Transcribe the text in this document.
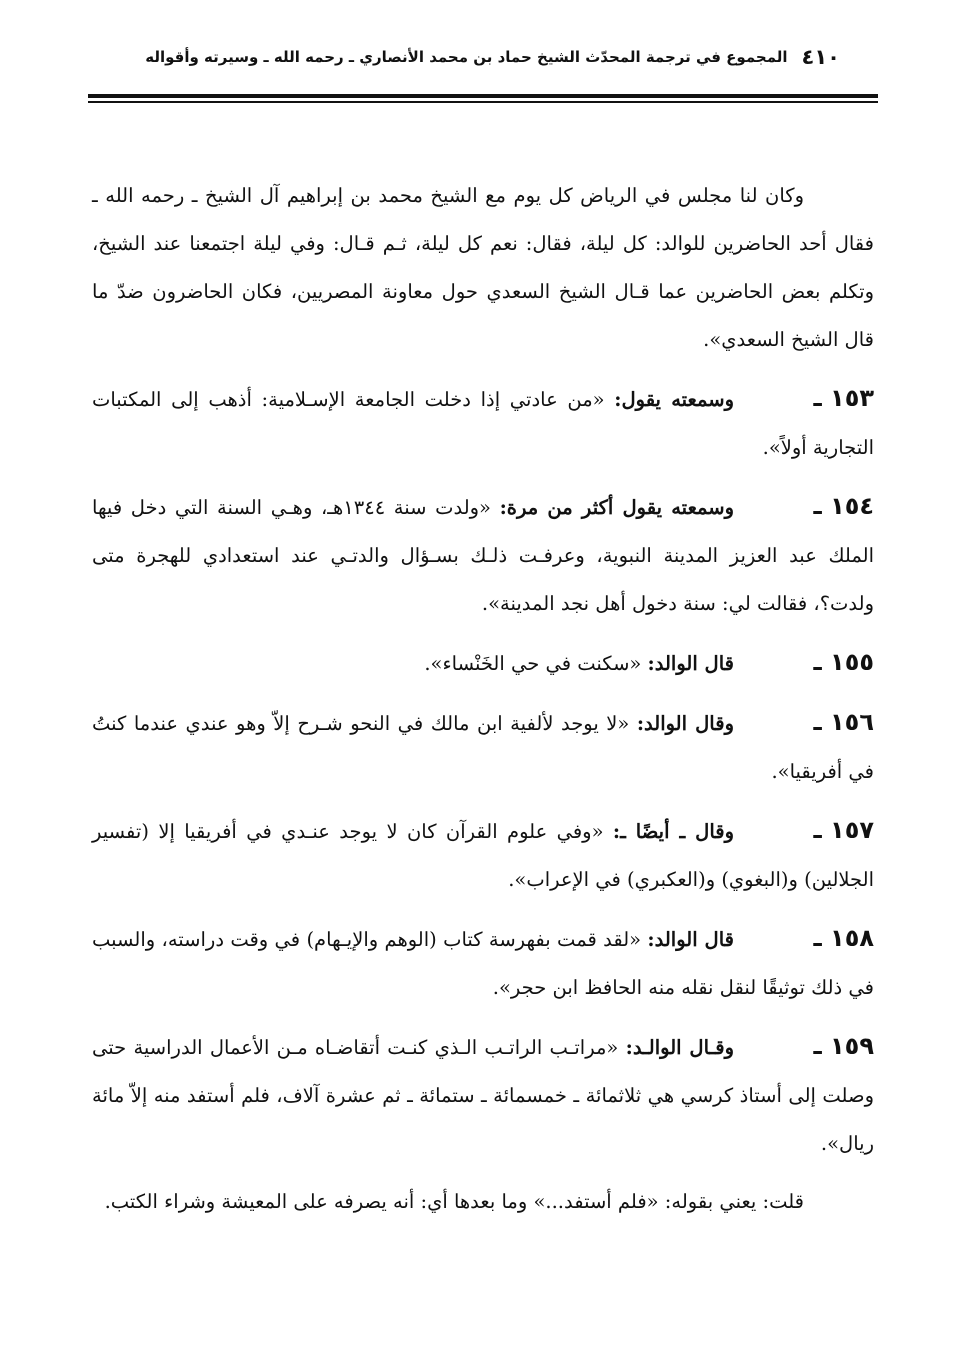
٤١٠
المجموع في ترجمة المحدّث الشيخ حماد بن محمد الأنصاري ـ رحمه الله ـ وسيرته وأقواله

وكان لنا مجلس في الرياض كل يوم مع الشيخ محمد بن إبراهيم آل الشيخ ـ رحمه الله ـ فقال أحد الحاضرين للوالد: كل ليلة، فقال: نعم كل ليلة، ثـم قـال: وفي ليلة اجتمعنا عند الشيخ، وتكلم بعض الحاضرين عما قـال الشيخ السعدي حول معاونة المصريين، فكان الحاضرون ضدّ ما قال الشيخ السعدي».

١٥٣ ـوسمعته يقول: «من عادتي إذا دخلت الجامعة الإسـلامية: أذهب إلى المكتبات التجارية أولاً».

١٥٤ ـوسمعته يقول أكثر من مرة: «ولدت سنة ١٣٤٤هـ، وهـي السنة التي دخل فيها الملك عبد العزيز المدينة النبوية، وعرفـت ذلـك بسـؤال والدتـي عند استعدادي للهجرة متى ولدت؟، فقالت لي: سنة دخول أهل نجد المدينة».

١٥٥ ـقال الوالد: «سكنت في حي الخَنْساء».

١٥٦ ـوقال الوالد: «لا يوجد لألفية ابن مالك في النحو شـرح إلاّ وهو عندي عندما كنتُ في أفريقيا».

١٥٧ ـوقال ـ أيضًا ـ: «وفي علوم القرآن كان لا يوجد عنـدي في أفريقيا إلا (تفسير الجلالين) و(البغوي) و(العكبري) في الإعراب».

١٥٨ ـقال الوالد: «لقد قمت بفهرسة كتاب (الوهم والإيـهام) في وقت دراسته، والسبب في ذلك توثيقًا لنقل نقله منه الحافظ ابن حجر».

١٥٩ ـوقـال الوالـد: «مراتـب الراتـب الـذي كنـت أتقاضـاه مـن الأعمال الدراسية حتى وصلت إلى أستاذ كرسي هي ثلاثمائة ـ خمسمائة ـ ستمائة ـ ثم عشرة آلاف، فلم أستفد منه إلاّ مائة ريال».

قلت: يعني بقوله: «فلم أستفد...» وما بعدها أي: أنه يصرفه على المعيشة وشراء الكتب.
